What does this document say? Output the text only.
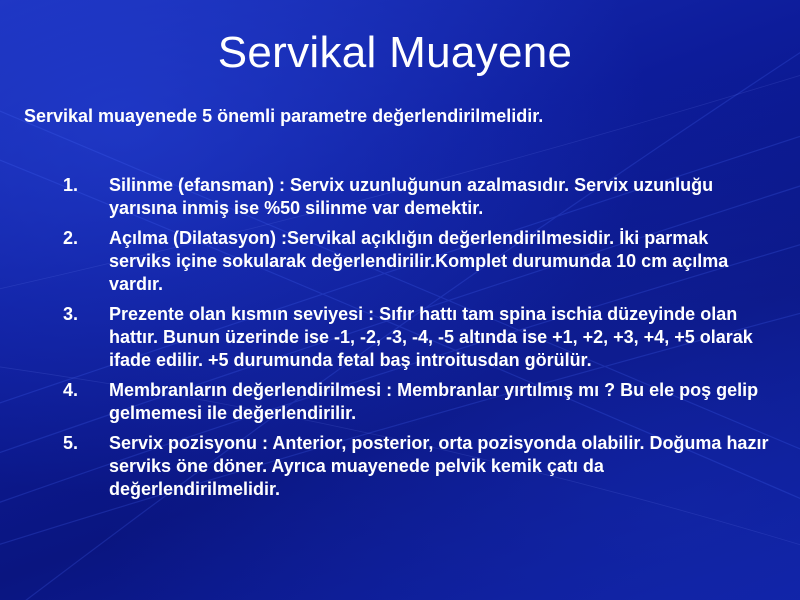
Servikal Muayene
Servikal muayenede 5 önemli parametre değerlendirilmelidir.
1. Silinme (efansman) : Servix uzunluğunun azalmasıdır. Servix uzunluğu yarısına inmiş ise %50 silinme var demektir.
2. Açılma (Dilatasyon) :Servikal açıklığın değerlendirilmesidir. İki parmak serviks içine sokularak değerlendirilir.Komplet durumunda 10 cm açılma vardır.
3. Prezente olan kısmın seviyesi : Sıfır hattı tam spina ischia düzeyinde olan hattır. Bunun üzerinde ise -1, -2, -3, -4, -5 altında ise +1, +2, +3, +4, +5 olarak ifade edilir. +5 durumunda fetal baş introitusdan görülür.
4. Membranların değerlendirilmesi : Membranlar yırtılmış mı ? Bu ele poş gelip gelmemesi ile değerlendirilir.
5. Servix pozisyonu : Anterior, posterior, orta pozisyonda olabilir. Doğuma hazır serviks öne döner. Ayrıca muayenede pelvik kemik çatı da değerlendirilmelidir.
